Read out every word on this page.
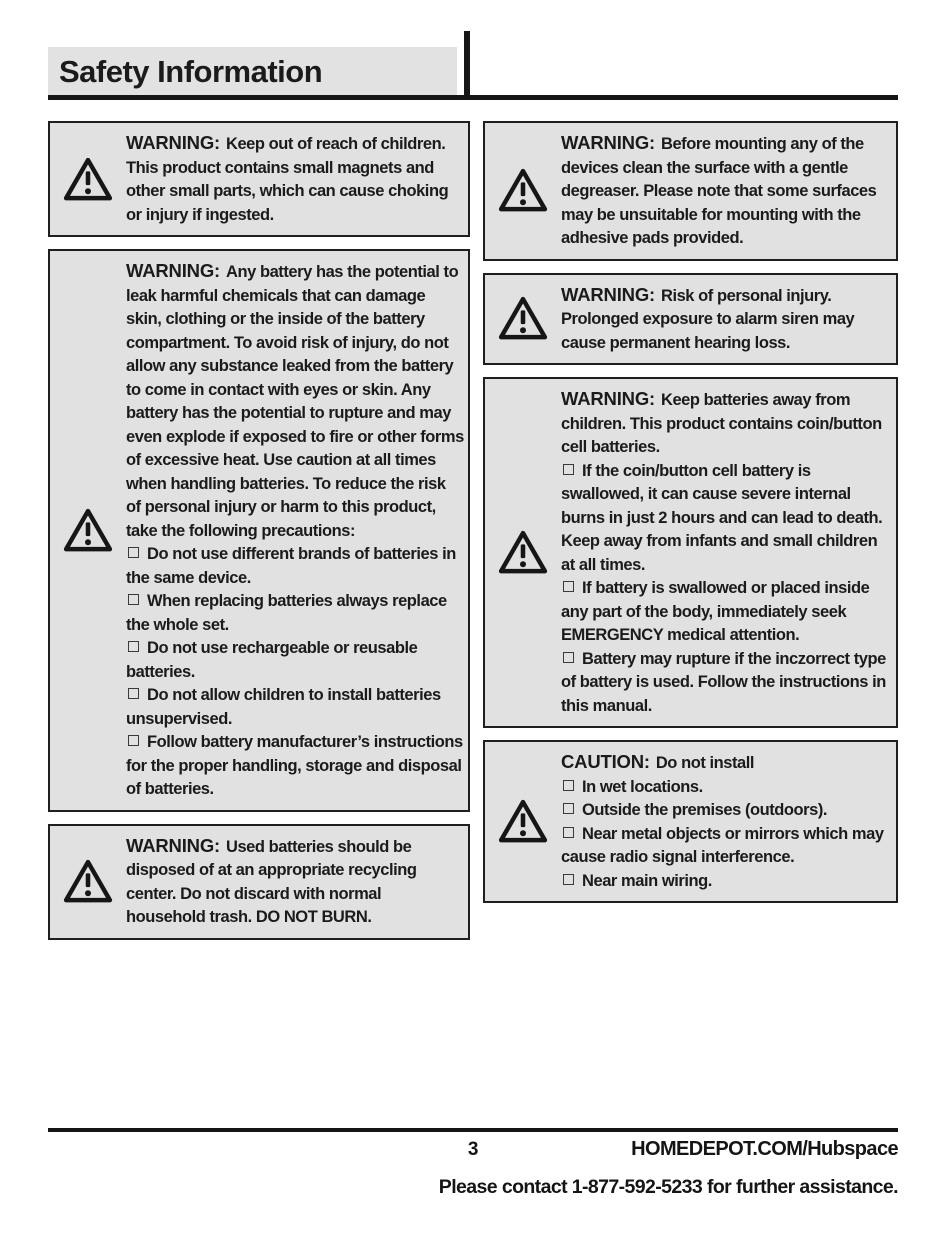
Safety Information

WARNING: Keep out of reach of children. This product contains small magnets and other small parts, which can cause choking or injury if ingested.

WARNING: Any battery has the potential to leak harmful chemicals that can damage skin, clothing or the inside of the battery compartment. To avoid risk of injury, do not allow any substance leaked from the battery to come in contact with eyes or skin. Any battery has the potential to rupture and may even explode if exposed to fire or other forms of excessive heat. Use caution at all times when handling batteries. To reduce the risk of personal injury or harm to this product, take the following precautions:

Do not use different brands of batteries in the same device.

When replacing batteries always replace the whole set.

Do not use rechargeable or reusable batteries.

Do not allow children to install batteries unsupervised.

Follow battery manufacturer’s instructions for the proper handling, storage and disposal of batteries.

WARNING: Used batteries should be disposed of at an appropriate recycling center. Do not discard with normal household trash. DO NOT BURN.

WARNING: Before mounting any of the devices clean the surface with a gentle degreaser. Please note that some surfaces may be unsuitable for mounting with the adhesive pads provided.

WARNING: Risk of personal injury. Prolonged exposure to alarm siren may cause permanent hearing loss.

WARNING: Keep batteries away from children. This product contains coin/button cell batteries.

If the coin/button cell battery is swallowed, it can cause severe internal burns in just 2 hours and can lead to death. Keep away from infants and small children at all times.

If battery is swallowed or placed inside any part of the body, immediately seek EMERGENCY medical attention.

Battery may rupture if the inczorrect type of battery is used. Follow the instructions in this manual.

CAUTION: Do not install

In wet locations.

Outside the premises (outdoors).

Near metal objects or mirrors which may cause radio signal interference.

Near main wiring.

3	HOMEDEPOT.COM/Hubspace
Please contact 1-877-592-5233 for further assistance.
